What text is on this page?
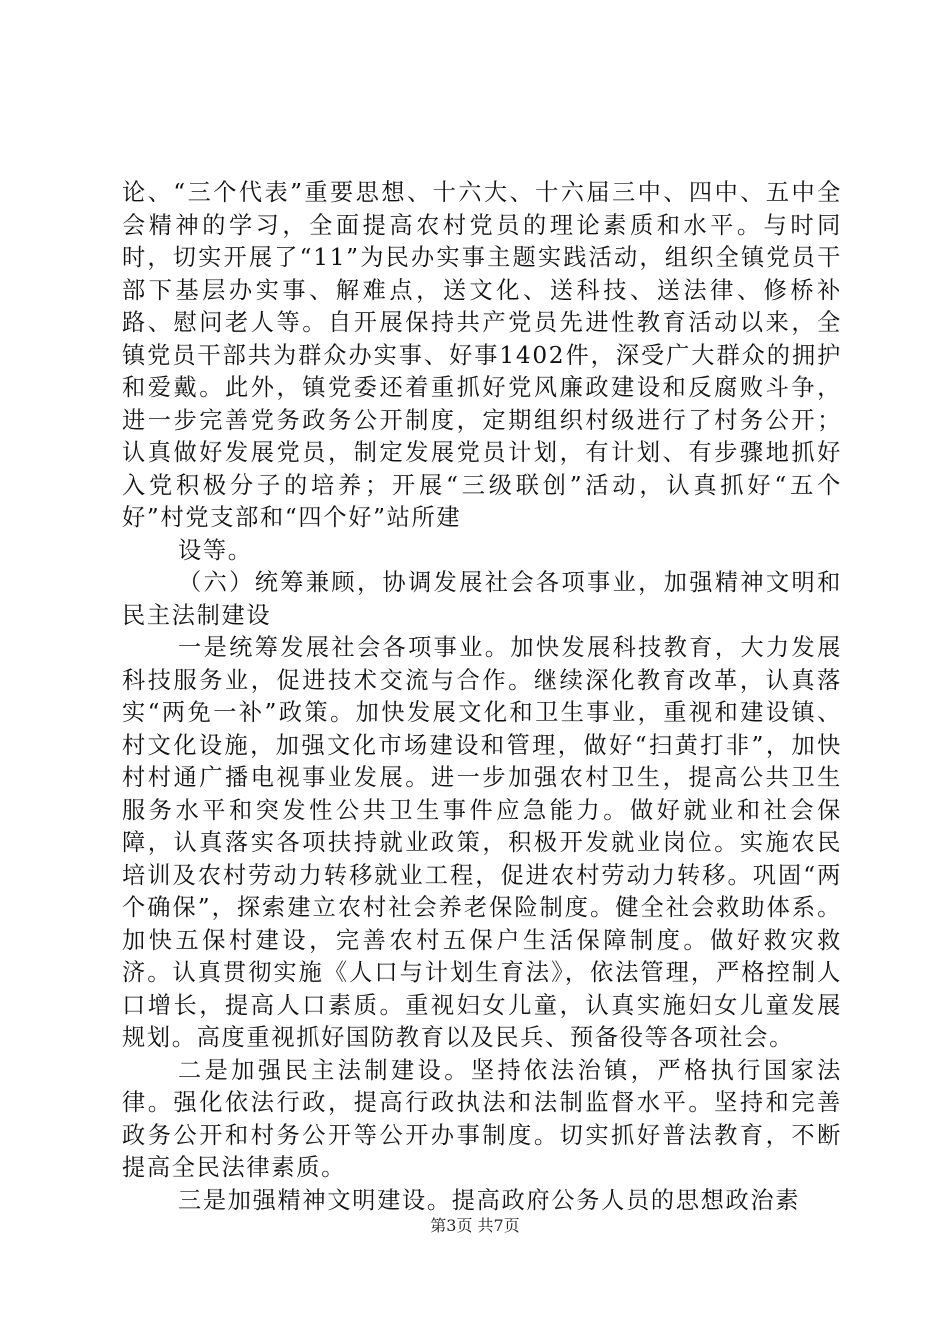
论、“三个代表”重要思想、十六大、十六届三中、四中、五中全会精神的学习，全面提高农村党员的理论素质和水平。与时同时，切实开展了“11”为民办实事主题实践活动，组织全镇党员干部下基层办实事、解难点，送文化、送科技、送法律、修桥补路、慰问老人等。自开展保持共产党员先进性教育活动以来，全镇党员干部共为群众办实事、好事1402件，深受广大群众的拥护和爱戴。此外，镇党委还着重抓好党风廉政建设和反腐败斗争，进一步完善党务政务公开制度，定期组织村级进行了村务公开；认真做好发展党员，制定发展党员计划，有计划、有步骤地抓好入党积极分子的培养；开展“三级联创”活动，认真抓好“五个好”村党支部和“四个好”站所建

设等。

（六）统筹兼顾，协调发展社会各项事业，加强精神文明和民主法制建设

一是统筹发展社会各项事业。加快发展科技教育，大力发展科技服务业，促进技术交流与合作。继续深化教育改革，认真落实“两免一补”政策。加快发展文化和卫生事业，重视和建设镇、村文化设施，加强文化市场建设和管理，做好“扫黄打非”，加快村村通广播电视事业发展。进一步加强农村卫生，提高公共卫生服务水平和突发性公共卫生事件应急能力。做好就业和社会保障，认真落实各项扶持就业政策，积极开发就业岗位。实施农民培训及农村劳动力转移就业工程，促进农村劳动力转移。巩固“两个确保”，探索建立农村社会养老保险制度。健全社会救助体系。加快五保村建设，完善农村五保户生活保障制度。做好救灾救济。认真贯彻实施《人口与计划生育法》，依法管理，严格控制人口增长，提高人口素质。重视妇女儿童，认真实施妇女儿童发展规划。高度重视抓好国防教育以及民兵、预备役等各项社会。

二是加强民主法制建设。坚持依法治镇，严格执行国家法律。强化依法行政，提高行政执法和法制监督水平。坚持和完善政务公开和村务公开等公开办事制度。切实抓好普法教育，不断提高全民法律素质。

三是加强精神文明建设。提高政府公务人员的思想政治素

第3页 共7页
